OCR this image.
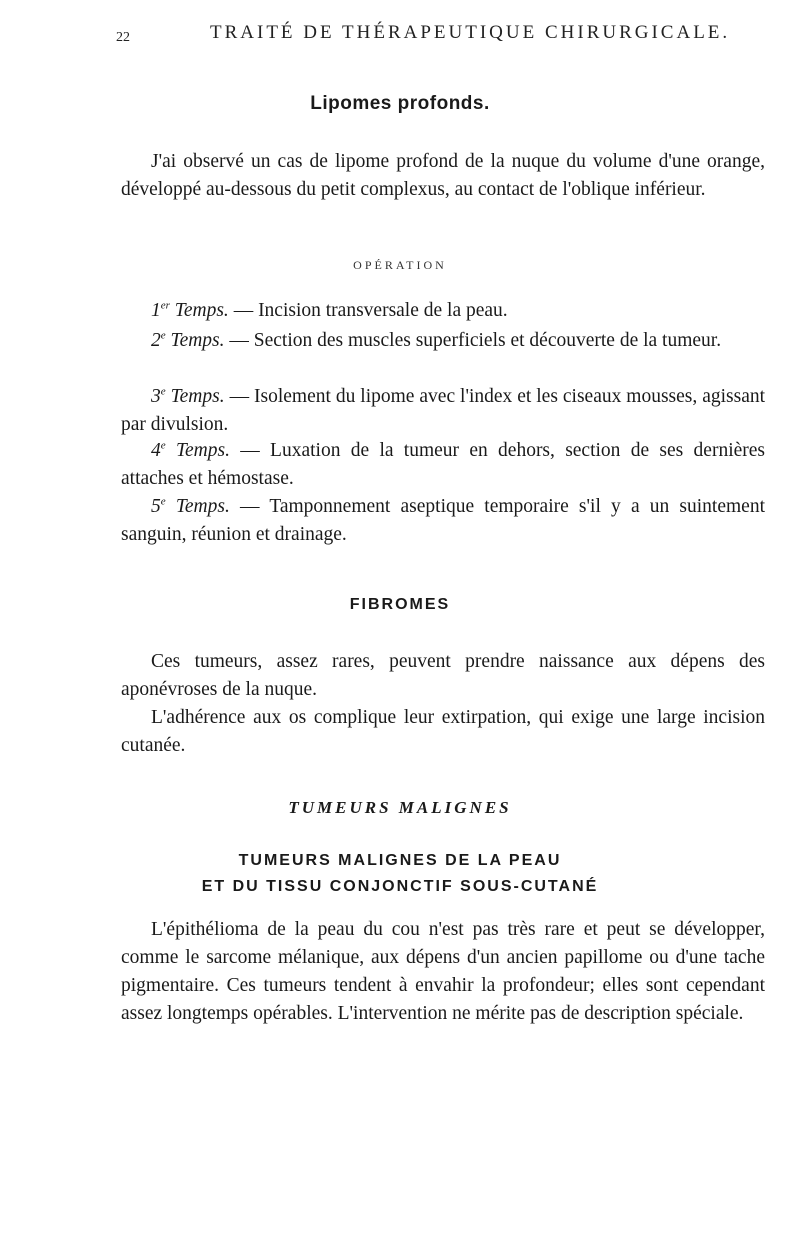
22	TRAITÉ DE THÉRAPEUTIQUE CHIRURGICALE.
Lipomes profonds.

J'ai observé un cas de lipome profond de la nuque du volume d'une orange, développé au-dessous du petit complexus, au contact de l'oblique inférieur.

OPÉRATION

1er Temps. — Incision transversale de la peau.

2e Temps. — Section des muscles superficiels et découverte de la tumeur.

3e Temps. — Isolement du lipome avec l'index et les ciseaux mousses, agissant par divulsion.

4e Temps. — Luxation de la tumeur en dehors, section de ses dernières attaches et hémostase.

5e Temps. — Tamponnement aseptique temporaire s'il y a un suintement sanguin, réunion et drainage.

FIBROMES

Ces tumeurs, assez rares, peuvent prendre naissance aux dépens des aponévroses de la nuque.

L'adhérence aux os complique leur extirpation, qui exige une large incision cutanée.

TUMEURS MALIGNES
TUMEURS MALIGNES DE LA PEAU
ET DU TISSU CONJONCTIF SOUS-CUTANÉ

L'épithélioma de la peau du cou n'est pas très rare et peut se développer, comme le sarcome mélanique, aux dépens d'un ancien papillome ou d'une tache pigmentaire. Ces tumeurs tendent à envahir la profondeur; elles sont cependant assez longtemps opérables. L'intervention ne mérite pas de description spéciale.
